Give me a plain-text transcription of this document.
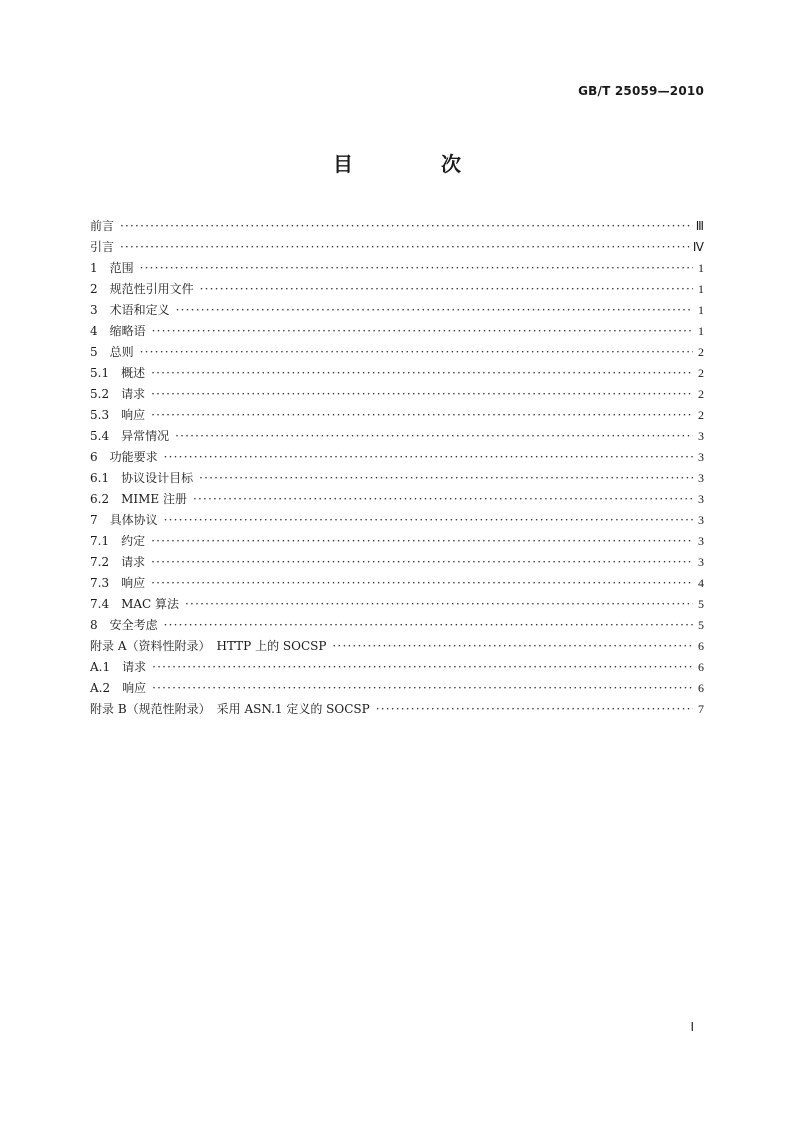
GB/T 25059—2010
目　次
前言 ·····	Ⅲ
引言 ·····	Ⅳ
1　范围 ·····	1
2　规范性引用文件 ·····	1
3　术语和定义 ·····	1
4　缩略语 ·····	1
5　总则 ·····	2
5.1　概述 ·····	2
5.2　请求 ·····	2
5.3　响应 ·····	2
5.4　异常情况 ·····	3
6　功能要求 ·····	3
6.1　协议设计目标 ·····	3
6.2　MIME 注册 ·····	3
7　具体协议 ·····	3
7.1　约定 ·····	3
7.2　请求 ·····	3
7.3　响应 ·····	4
7.4　MAC 算法 ·····	5
8　安全考虑 ·····	5
附录 A（资料性附录）　HTTP 上的 SOCSP ·····	6
A.1　请求 ·····	6
A.2　响应 ·····	6
附录 B（规范性附录）　采用 ASN.1 定义的 SOCSP ·····	7
Ⅰ
